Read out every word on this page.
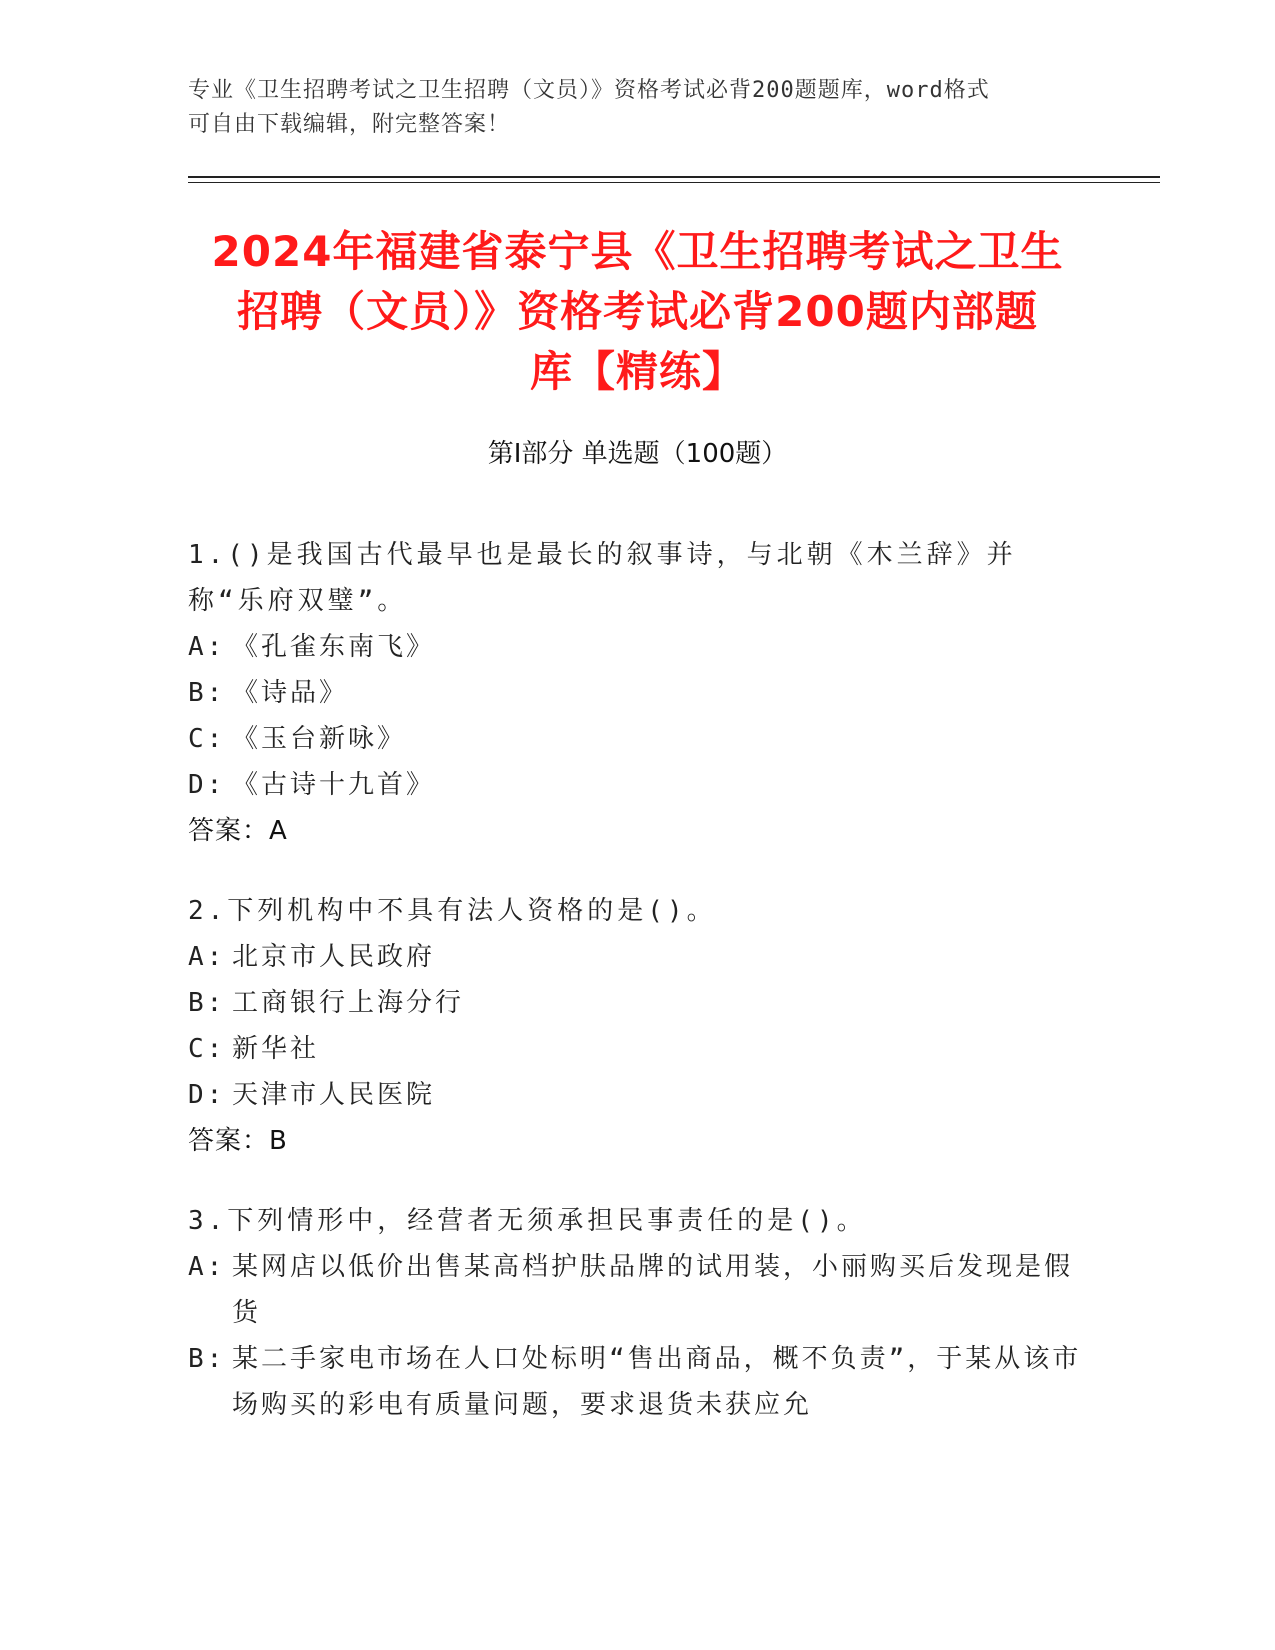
专业《卫生招聘考试之卫生招聘（文员）》资格考试必背200题题库，word格式
可自由下载编辑，附完整答案！
2024年福建省泰宁县《卫生招聘考试之卫生
招聘（文员）》资格考试必背200题内部题
库【精练】
第Ⅰ部分 单选题（100题）
1.()是我国古代最早也是最长的叙事诗，与北朝《木兰辞》并称“乐府双璧”。
A: 《孔雀东南飞》
B: 《诗品》
C: 《玉台新咏》
D: 《古诗十九首》
答案：A
2.下列机构中不具有法人资格的是()。
A: 北京市人民政府
B: 工商银行上海分行
C: 新华社
D: 天津市人民医院
答案：B
3.下列情形中，经营者无须承担民事责任的是()。
A: 某网店以低价出售某高档护肤品牌的试用装，小丽购买后发现是假货
B: 某二手家电市场在人口处标明“售出商品，概不负责”，于某从该市场购买的彩电有质量问题，要求退货未获应允
